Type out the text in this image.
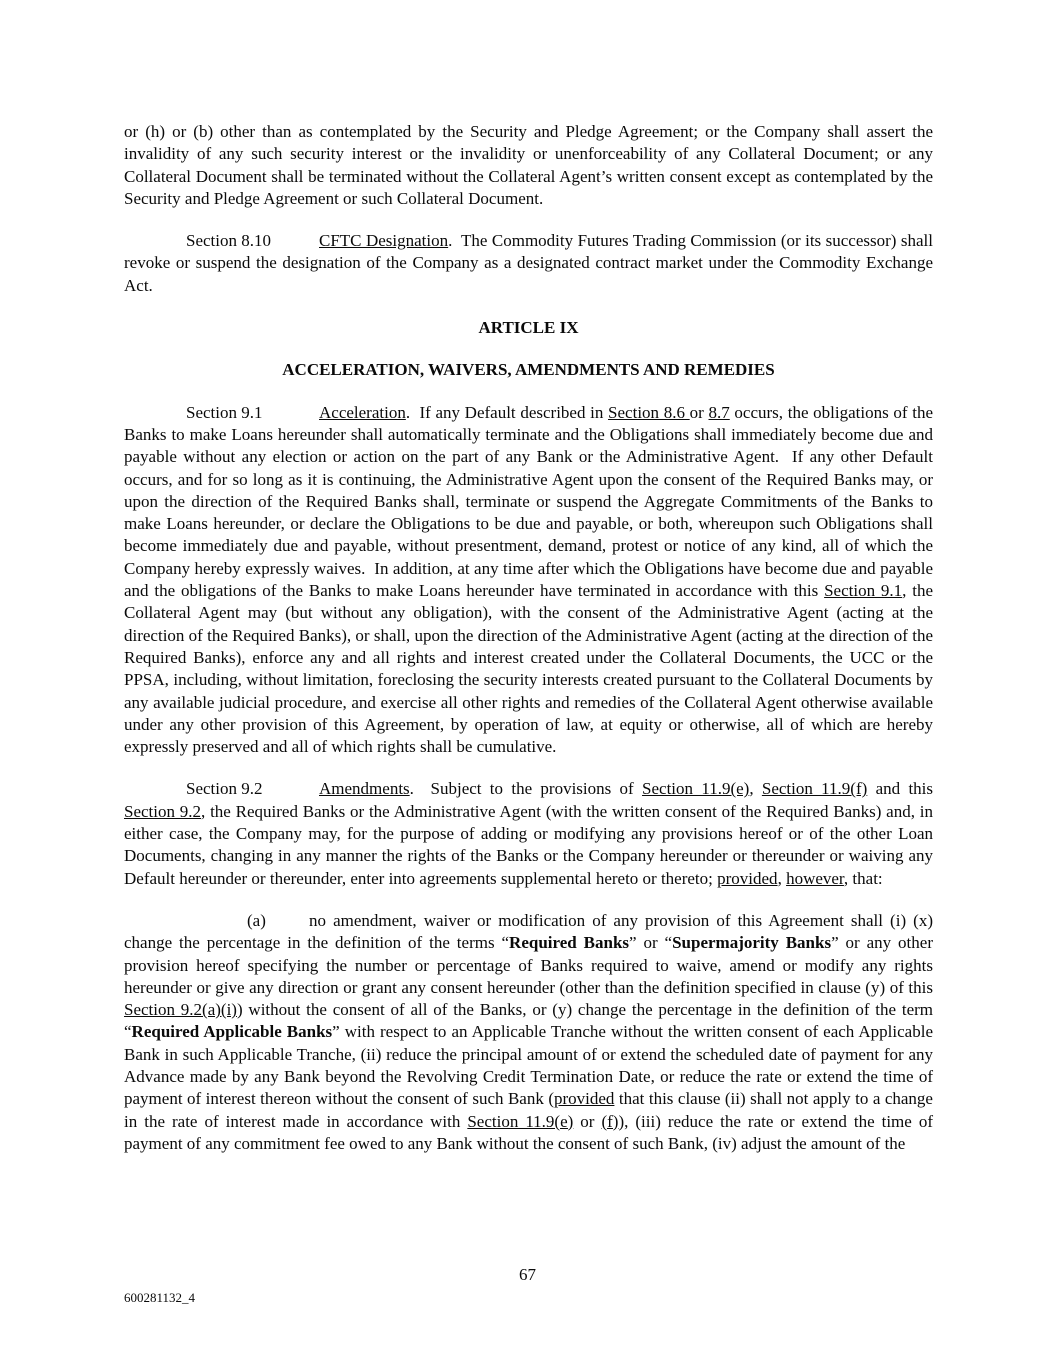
or (h) or (b) other than as contemplated by the Security and Pledge Agreement; or the Company shall assert the invalidity of any such security interest or the invalidity or unenforceability of any Collateral Document; or any Collateral Document shall be terminated without the Collateral Agent’s written consent except as contemplated by the Security and Pledge Agreement or such Collateral Document.

Section 8.10	CFTC Designation.  The Commodity Futures Trading Commission (or its successor) shall revoke or suspend the designation of the Company as a designated contract market under the Commodity Exchange Act.

ARTICLE IX
ACCELERATION, WAIVERS, AMENDMENTS AND REMEDIES

Section 9.1	Acceleration.  If any Default described in Section 8.6 or 8.7 occurs, the obligations of the Banks to make Loans hereunder shall automatically terminate and the Obligations shall immediately become due and payable without any election or action on the part of any Bank or the Administrative Agent.  If any other Default occurs, and for so long as it is continuing, the Administrative Agent upon the consent of the Required Banks may, or upon the direction of the Required Banks shall, terminate or suspend the Aggregate Commitments of the Banks to make Loans hereunder, or declare the Obligations to be due and payable, or both, whereupon such Obligations shall become immediately due and payable, without presentment, demand, protest or notice of any kind, all of which the Company hereby expressly waives.  In addition, at any time after which the Obligations have become due and payable and the obligations of the Banks to make Loans hereunder have terminated in accordance with this Section 9.1, the Collateral Agent may (but without any obligation), with the consent of the Administrative Agent (acting at the direction of the Required Banks), or shall, upon the direction of the Administrative Agent (acting at the direction of the Required Banks), enforce any and all rights and interest created under the Collateral Documents, the UCC or the PPSA, including, without limitation, foreclosing the security interests created pursuant to the Collateral Documents by any available judicial procedure, and exercise all other rights and remedies of the Collateral Agent otherwise available under any other provision of this Agreement, by operation of law, at equity or otherwise, all of which are hereby expressly preserved and all of which rights shall be cumulative.

Section 9.2	Amendments.  Subject to the provisions of Section 11.9(e), Section 11.9(f) and this Section 9.2, the Required Banks or the Administrative Agent (with the written consent of the Required Banks) and, in either case, the Company may, for the purpose of adding or modifying any provisions hereof or of the other Loan Documents, changing in any manner the rights of the Banks or the Company hereunder or thereunder or waiving any Default hereunder or thereunder, enter into agreements supplemental hereto or thereto; provided, however, that:

(a)	no amendment, waiver or modification of any provision of this Agreement shall (i) (x) change the percentage in the definition of the terms “Required Banks” or “Supermajority Banks” or any other provision hereof specifying the number or percentage of Banks required to waive, amend or modify any rights hereunder or give any direction or grant any consent hereunder (other than the definition specified in clause (y) of this Section 9.2(a)(i)) without the consent of all of the Banks, or (y) change the percentage in the definition of the term “Required Applicable Banks” with respect to an Applicable Tranche without the written consent of each Applicable Bank in such Applicable Tranche, (ii) reduce the principal amount of or extend the scheduled date of payment for any Advance made by any Bank beyond the Revolving Credit Termination Date, or reduce the rate or extend the time of payment of interest thereon without the consent of such Bank (provided that this clause (ii) shall not apply to a change in the rate of interest made in accordance with Section 11.9(e) or (f)), (iii) reduce the rate or extend the time of payment of any commitment fee owed to any Bank without the consent of such Bank, (iv) adjust the amount of the

67
600281132_4
